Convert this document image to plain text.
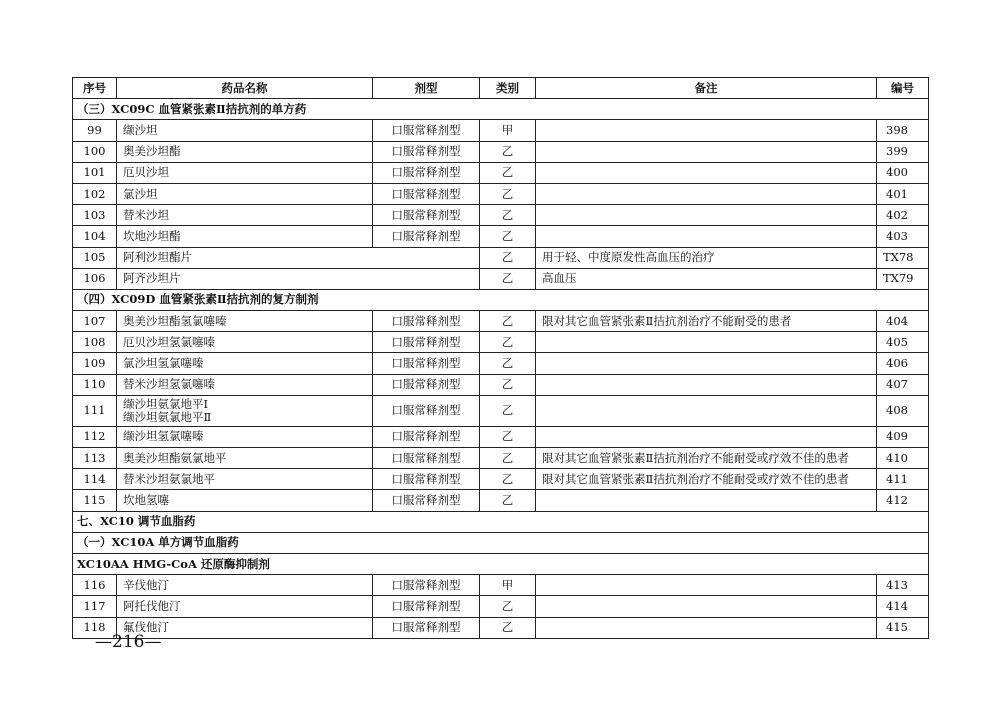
序号	药品名称	剂型	类别	备注	编号
（三）XC09C 血管紧张素Ⅱ拮抗剂的单方药					
99	缬沙坦	口服常释剂型	甲		398
100	奥美沙坦酯	口服常释剂型	乙		399
101	厄贝沙坦	口服常释剂型	乙		400
102	氯沙坦	口服常释剂型	乙		401
103	替米沙坦	口服常释剂型	乙		402
104	坎地沙坦酯	口服常释剂型	乙		403
105	阿利沙坦酯片		乙	用于轻、中度原发性高血压的治疗	TX78
106	阿齐沙坦片		乙	高血压	TX79
（四）XC09D 血管紧张素Ⅱ拮抗剂的复方制剂					
107	奥美沙坦酯氢氯噻嗪	口服常释剂型	乙	限对其它血管紧张素Ⅱ拮抗剂治疗不能耐受的患者	404
108	厄贝沙坦氢氯噻嗪	口服常释剂型	乙		405
109	氯沙坦氢氯噻嗪	口服常释剂型	乙		406
110	替米沙坦氢氯噻嗪	口服常释剂型	乙		407
111	缬沙坦氨氯地平Ⅰ
缬沙坦氨氯地平Ⅱ	口服常释剂型	乙		408
112	缬沙坦氢氯噻嗪	口服常释剂型	乙		409
113	奥美沙坦酯氨氯地平	口服常释剂型	乙	限对其它血管紧张素Ⅱ拮抗剂治疗不能耐受或疗效不佳的患者	410
114	替米沙坦氨氯地平	口服常释剂型	乙	限对其它血管紧张素Ⅱ拮抗剂治疗不能耐受或疗效不佳的患者	411
115	坎地氢噻	口服常释剂型	乙		412
七、XC10 调节血脂药					
（一）XC10A 单方调节血脂药					
XC10AA HMG-CoA 还原酶抑制剂					
116	辛伐他汀	口服常释剂型	甲		413
117	阿托伐他汀	口服常释剂型	乙		414
118	氟伐他汀	口服常释剂型	乙		415
—216—
